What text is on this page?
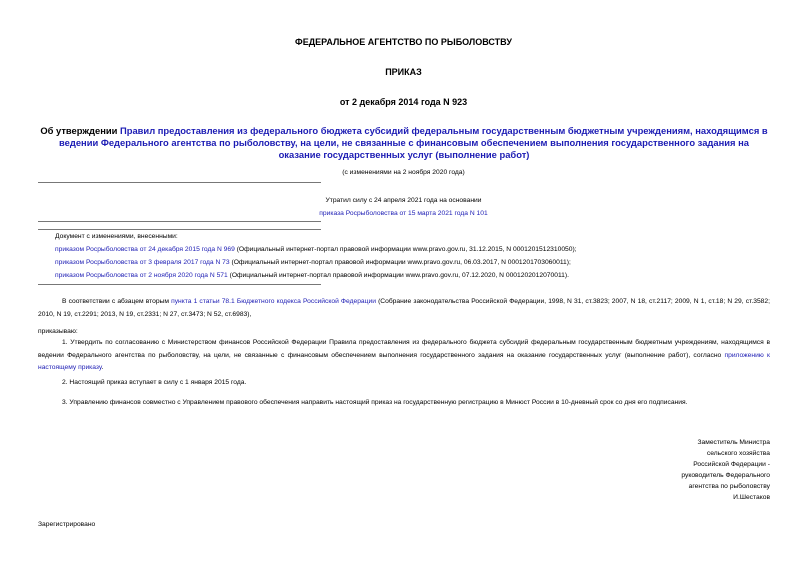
ФЕДЕРАЛЬНОЕ АГЕНТСТВО ПО РЫБОЛОВСТВУ
ПРИКАЗ
от 2 декабря 2014 года N 923
Об утверждении Правил предоставления из федерального бюджета субсидий федеральным государственным бюджетным учреждениям, находящимся в ведении Федерального агентства по рыболовству, на цели, не связанные с финансовым обеспечением выполнения государственного задания на оказание государственных услуг (выполнение работ)
(с изменениями на 2 ноября 2020 года)
Утратил силу с 24 апреля 2021 года на основании
приказа Росрыболовства от 15 марта 2021 года N 101
Документ с изменениями, внесенными:
приказом Росрыболовства от 24 декабря 2015 года N 969 (Официальный интернет-портал правовой информации www.pravo.gov.ru, 31.12.2015, N 0001201512310050);
приказом Росрыболовства от 3 февраля 2017 года N 73 (Официальный интернет-портал правовой информации www.pravo.gov.ru, 06.03.2017, N 0001201703060011);
приказом Росрыболовства от 2 ноября 2020 года N 571 (Официальный интернет-портал правовой информации www.pravo.gov.ru, 07.12.2020, N 0001202012070011).
В соответствии с абзацем вторым пункта 1 статьи 78.1 Бюджетного кодекса Российской Федерации (Собрание законодательства Российской Федерации, 1998, N 31, ст.3823; 2007, N 18, ст.2117; 2009, N 1, ст.18; N 29, ст.3582; 2010, N 19, ст.2291; 2013, N 19, ст.2331; N 27, ст.3473; N 52, ст.6983),
приказываю:
1. Утвердить по согласованию с Министерством финансов Российской Федерации Правила предоставления из федерального бюджета субсидий федеральным государственным бюджетным учреждениям, находящимся в ведении Федерального агентства по рыболовству, на цели, не связанные с финансовым обеспечением выполнения государственного задания на оказание государственных услуг (выполнение работ), согласно приложению к настоящему приказу.
2. Настоящий приказ вступает в силу с 1 января 2015 года.
3. Управлению финансов совместно с Управлением правового обеспечения направить настоящий приказ на государственную регистрацию в Минюст России в 10-дневный срок со дня его подписания.
Заместитель Министра
сельского хозяйства
Российской Федерации -
руководитель Федерального
агентства по рыболовству
И.Шестаков
Зарегистрировано
